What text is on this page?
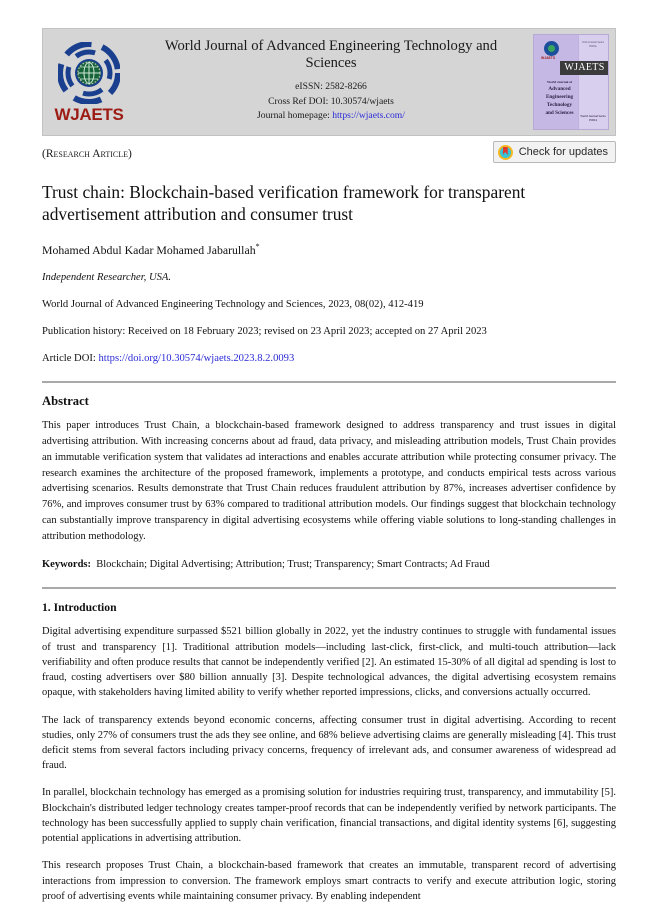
WJAETS
World Journal of Advanced Engineering Technology and Sciences
eISSN: 2582-8266
Cross Ref DOI: 10.30574/wjaets
Journal homepage: https://wjaets.com/
WJAETS
World Journal Series INDIA
WJAETS
World Journal of
Advanced
Engineering
Technology
and Sciences
World Journal Series INDIA
(Research Article)	Check for updates
Trust chain: Blockchain-based verification framework for transparent advertisement attribution and consumer trust
Mohamed Abdul Kadar Mohamed Jabarullah*
Independent Researcher, USA.
World Journal of Advanced Engineering Technology and Sciences, 2023, 08(02), 412-419
Publication history: Received on 18 February 2023; revised on 23 April 2023; accepted on 27 April 2023
Article DOI: https://doi.org/10.30574/wjaets.2023.8.2.0093
Abstract

This paper introduces Trust Chain, a blockchain-based framework designed to address transparency and trust issues in digital advertising attribution. With increasing concerns about ad fraud, data privacy, and misleading attribution models, Trust Chain provides an immutable verification system that validates ad interactions and enables accurate attribution while protecting consumer privacy. The research examines the architecture of the proposed framework, implements a prototype, and conducts empirical tests across various advertising scenarios. Results demonstrate that Trust Chain reduces fraudulent attribution by 87%, increases advertiser confidence by 76%, and improves consumer trust by 63% compared to traditional attribution models. Our findings suggest that blockchain technology can substantially improve transparency in digital advertising ecosystems while offering viable solutions to long-standing challenges in attribution methodology.

Keywords: Blockchain; Digital Advertising; Attribution; Trust; Transparency; Smart Contracts; Ad Fraud
1. Introduction

Digital advertising expenditure surpassed $521 billion globally in 2022, yet the industry continues to struggle with fundamental issues of trust and transparency [1]. Traditional attribution models—including last-click, first-click, and multi-touch attribution—lack verifiability and often produce results that cannot be independently verified [2]. An estimated 15-30% of all digital ad spending is lost to fraud, costing advertisers over $80 billion annually [3]. Despite technological advances, the digital advertising ecosystem remains opaque, with stakeholders having limited ability to verify whether reported impressions, clicks, and conversions actually occurred.

The lack of transparency extends beyond economic concerns, affecting consumer trust in digital advertising. According to recent studies, only 27% of consumers trust the ads they see online, and 68% believe advertising claims are generally misleading [4]. This trust deficit stems from several factors including privacy concerns, frequency of irrelevant ads, and consumer awareness of widespread ad fraud.

In parallel, blockchain technology has emerged as a promising solution for industries requiring trust, transparency, and immutability [5]. Blockchain's distributed ledger technology creates tamper-proof records that can be independently verified by network participants. The technology has been successfully applied to supply chain verification, financial transactions, and digital identity systems [6], suggesting potential applications in advertising attribution.

This research proposes Trust Chain, a blockchain-based framework that creates an immutable, transparent record of advertising interactions from impression to conversion. The framework employs smart contracts to verify and execute attribution logic, storing proof of advertising events while maintaining consumer privacy. By enabling independent
